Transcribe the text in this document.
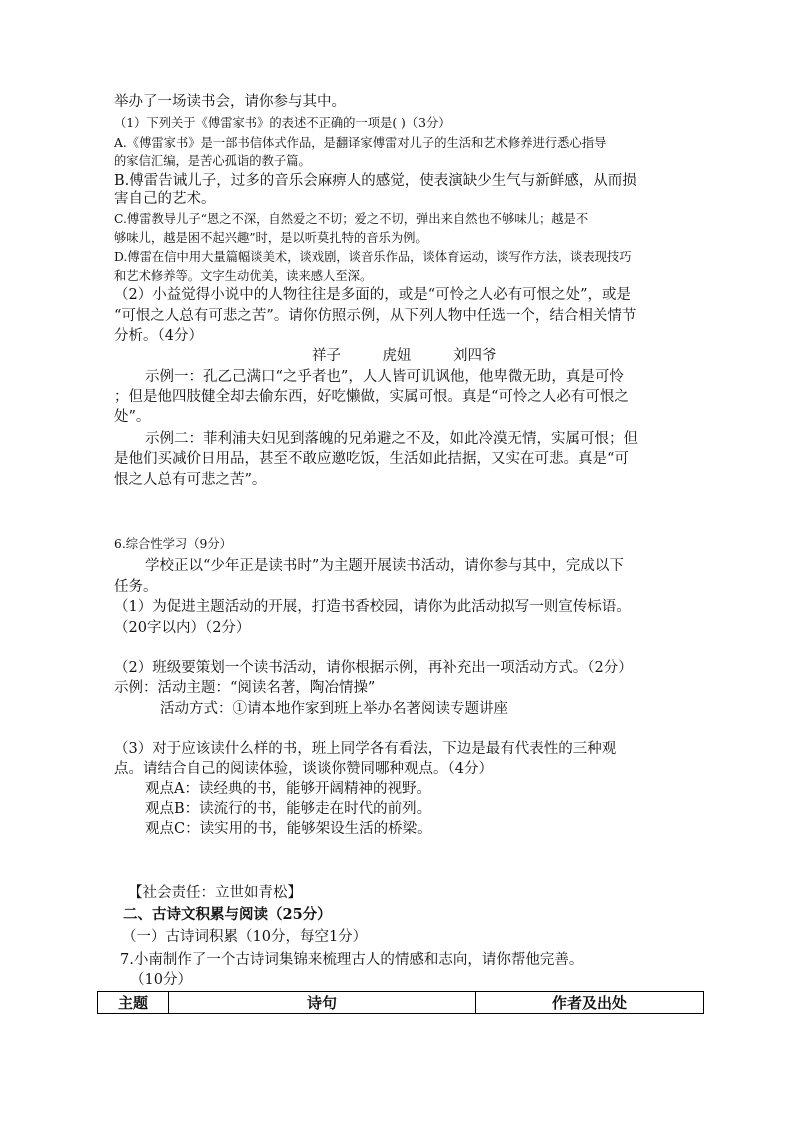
举办了一场读书会，请你参与其中。
（1）下列关于《傅雷家书》的表述不正确的一项是( )（3分）
A.《傅雷家书》是一部书信体式作品，是翻译家傅雷对儿子的生活和艺术修养进行悉心指导
的家信汇编，是苦心孤诣的教子篇。
B.傅雷告诫儿子，过多的音乐会麻痹人的感觉，使表演缺少生气与新鲜感，从而损
害自己的艺术。
C.傅雷教导儿子“恩之不深，自然爱之不切；爱之不切，弹出来自然也不够味儿；越是不
够味儿，越是困不起兴趣”时，是以听莫扎特的音乐为例。
D.傅雷在信中用大量篇幅谈美术，谈戏剧，谈音乐作品，谈体育运动，谈写作方法，谈表现技巧
和艺术修养等。文字生动优美，读来感人至深。
（2）小益觉得小说中的人物往往是多面的，或是“可怜之人必有可恨之处”，或是
“可恨之人总有可悲之苦”。请你仿照示例，从下列人物中任选一个，结合相关情节
分析。（4分）
祥子         虎妞         刘四爷
示例一：孔乙己满口“之乎者也”，人人皆可讥讽他，他卑微无助，真是可怜
；但是他四肢健全却去偷东西，好吃懒做，实属可恨。真是“可怜之人必有可恨之
处”。
示例二：菲利浦夫妇见到落魄的兄弟避之不及，如此冷漠无情，实属可恨；但
是他们买减价日用品，甚至不敢应邀吃饭，生活如此拮据，又实在可悲。真是“可
恨之人总有可悲之苦”。
6.综合性学习（9分）
学校正以“少年正是读书时”为主题开展读书活动，请你参与其中，完成以下
任务。
（1）为促进主题活动的开展，打造书香校园，请你为此活动拟写一则宣传标语。
（20字以内）（2分）
（2）班级要策划一个读书活动，请你根据示例，再补充出一项活动方式。（2分）
示例：活动主题：“阅读名著，陶冶情操”
活动方式：①请本地作家到班上举办名著阅读专题讲座
（3）对于应该读什么样的书，班上同学各有看法，下边是最有代表性的三种观
点。请结合自己的阅读体验，谈谈你赞同哪种观点。（4分）
观点A：读经典的书，能够开阔精神的视野。
观点B：读流行的书，能够走在时代的前列。
观点C：读实用的书，能够架设生活的桥梁。
【社会责任：立世如青松】
二、古诗文积累与阅读（25分）
（一）古诗词积累（10分，每空1分）
7.小南制作了一个古诗词集锦来梳理古人的情感和志向，请你帮他完善。
（10分）
主题	诗句	作者及出处
